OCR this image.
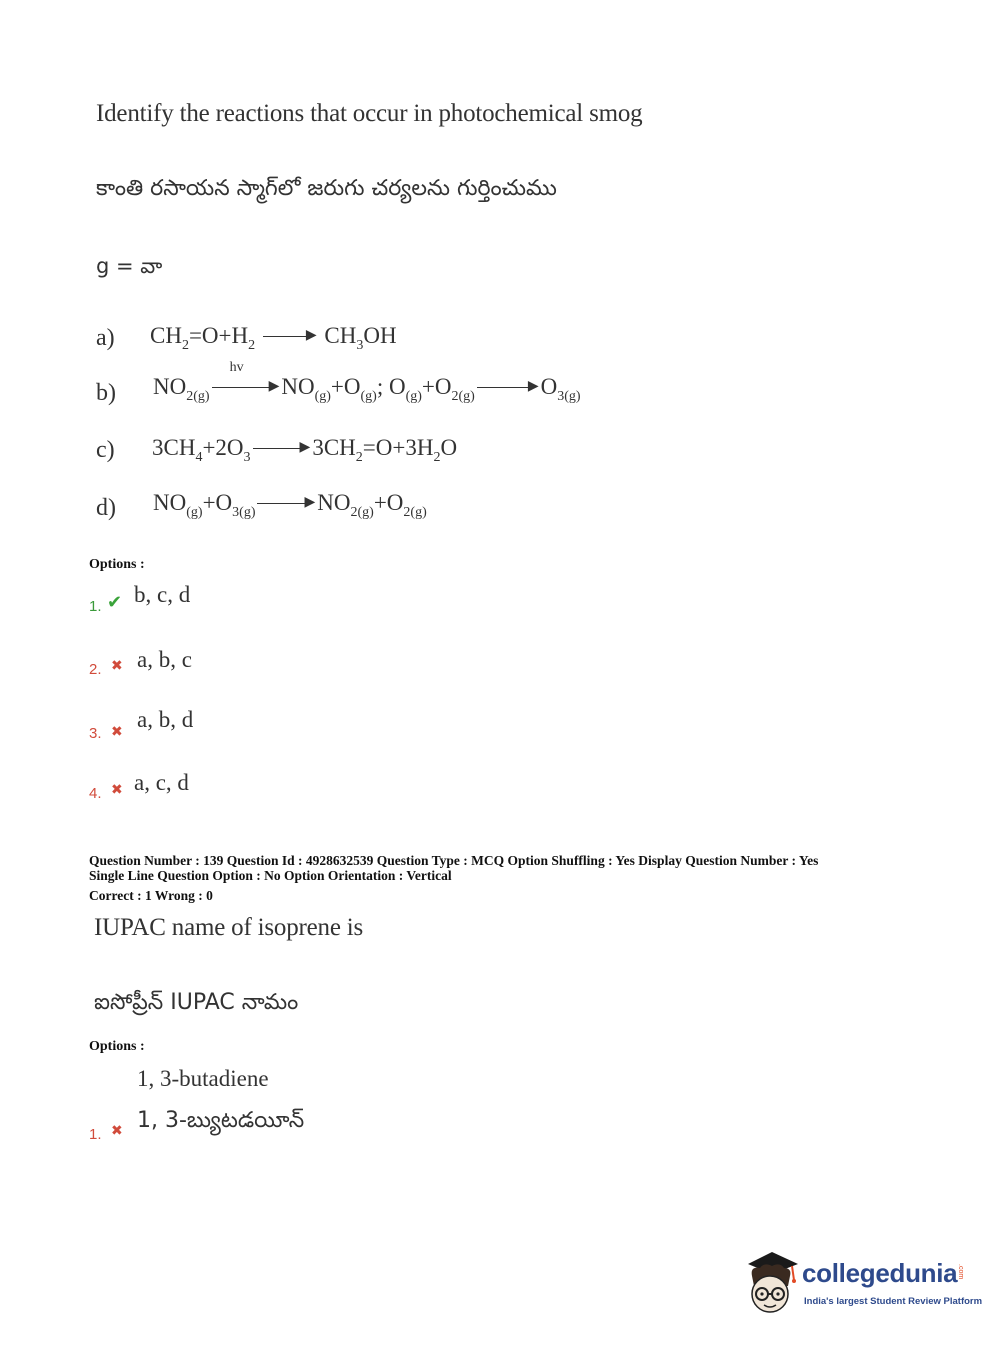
Identify the reactions that occur in photochemical smog
కాంతి రసాయన స్మాగ్‌లో జరుగు చర్యలను గుర్తించుము
g = వా
a) $CH_2=O+H_2$ ▶ $CH_3OH$
b) $NO_{2(g)}$
hv
$▶NO_{(g)}+O_{(g)}$; $O_{(g)}+O_{2(g)}▶O_{3(g)}$
c) $3CH_4+2O_3▶3CH_2=O+3H_2O$
d) $NO_{(g)}+O_{3(g)}▶NO_{2(g)}+O_{2(g)}$
Options :
1. ✔ b, c, d
2. ✖ a, b, c
3. ✖ a, b, d
4. ✖ a, c, d
Question Number : 139 Question Id : 4928632539 Question Type : MCQ Option Shuffling : Yes Display Question Number : Yes
Single Line Question Option : No Option Orientation : Vertical
Correct : 1 Wrong : 0
IUPAC name of isoprene is
ఐసోప్రీన్ IUPAC నామం
Options :
1, 3-butadiene
1. ✖ 1, 3-బ్యుటడయీన్
collegedunia .com
India's largest Student Review Platform
